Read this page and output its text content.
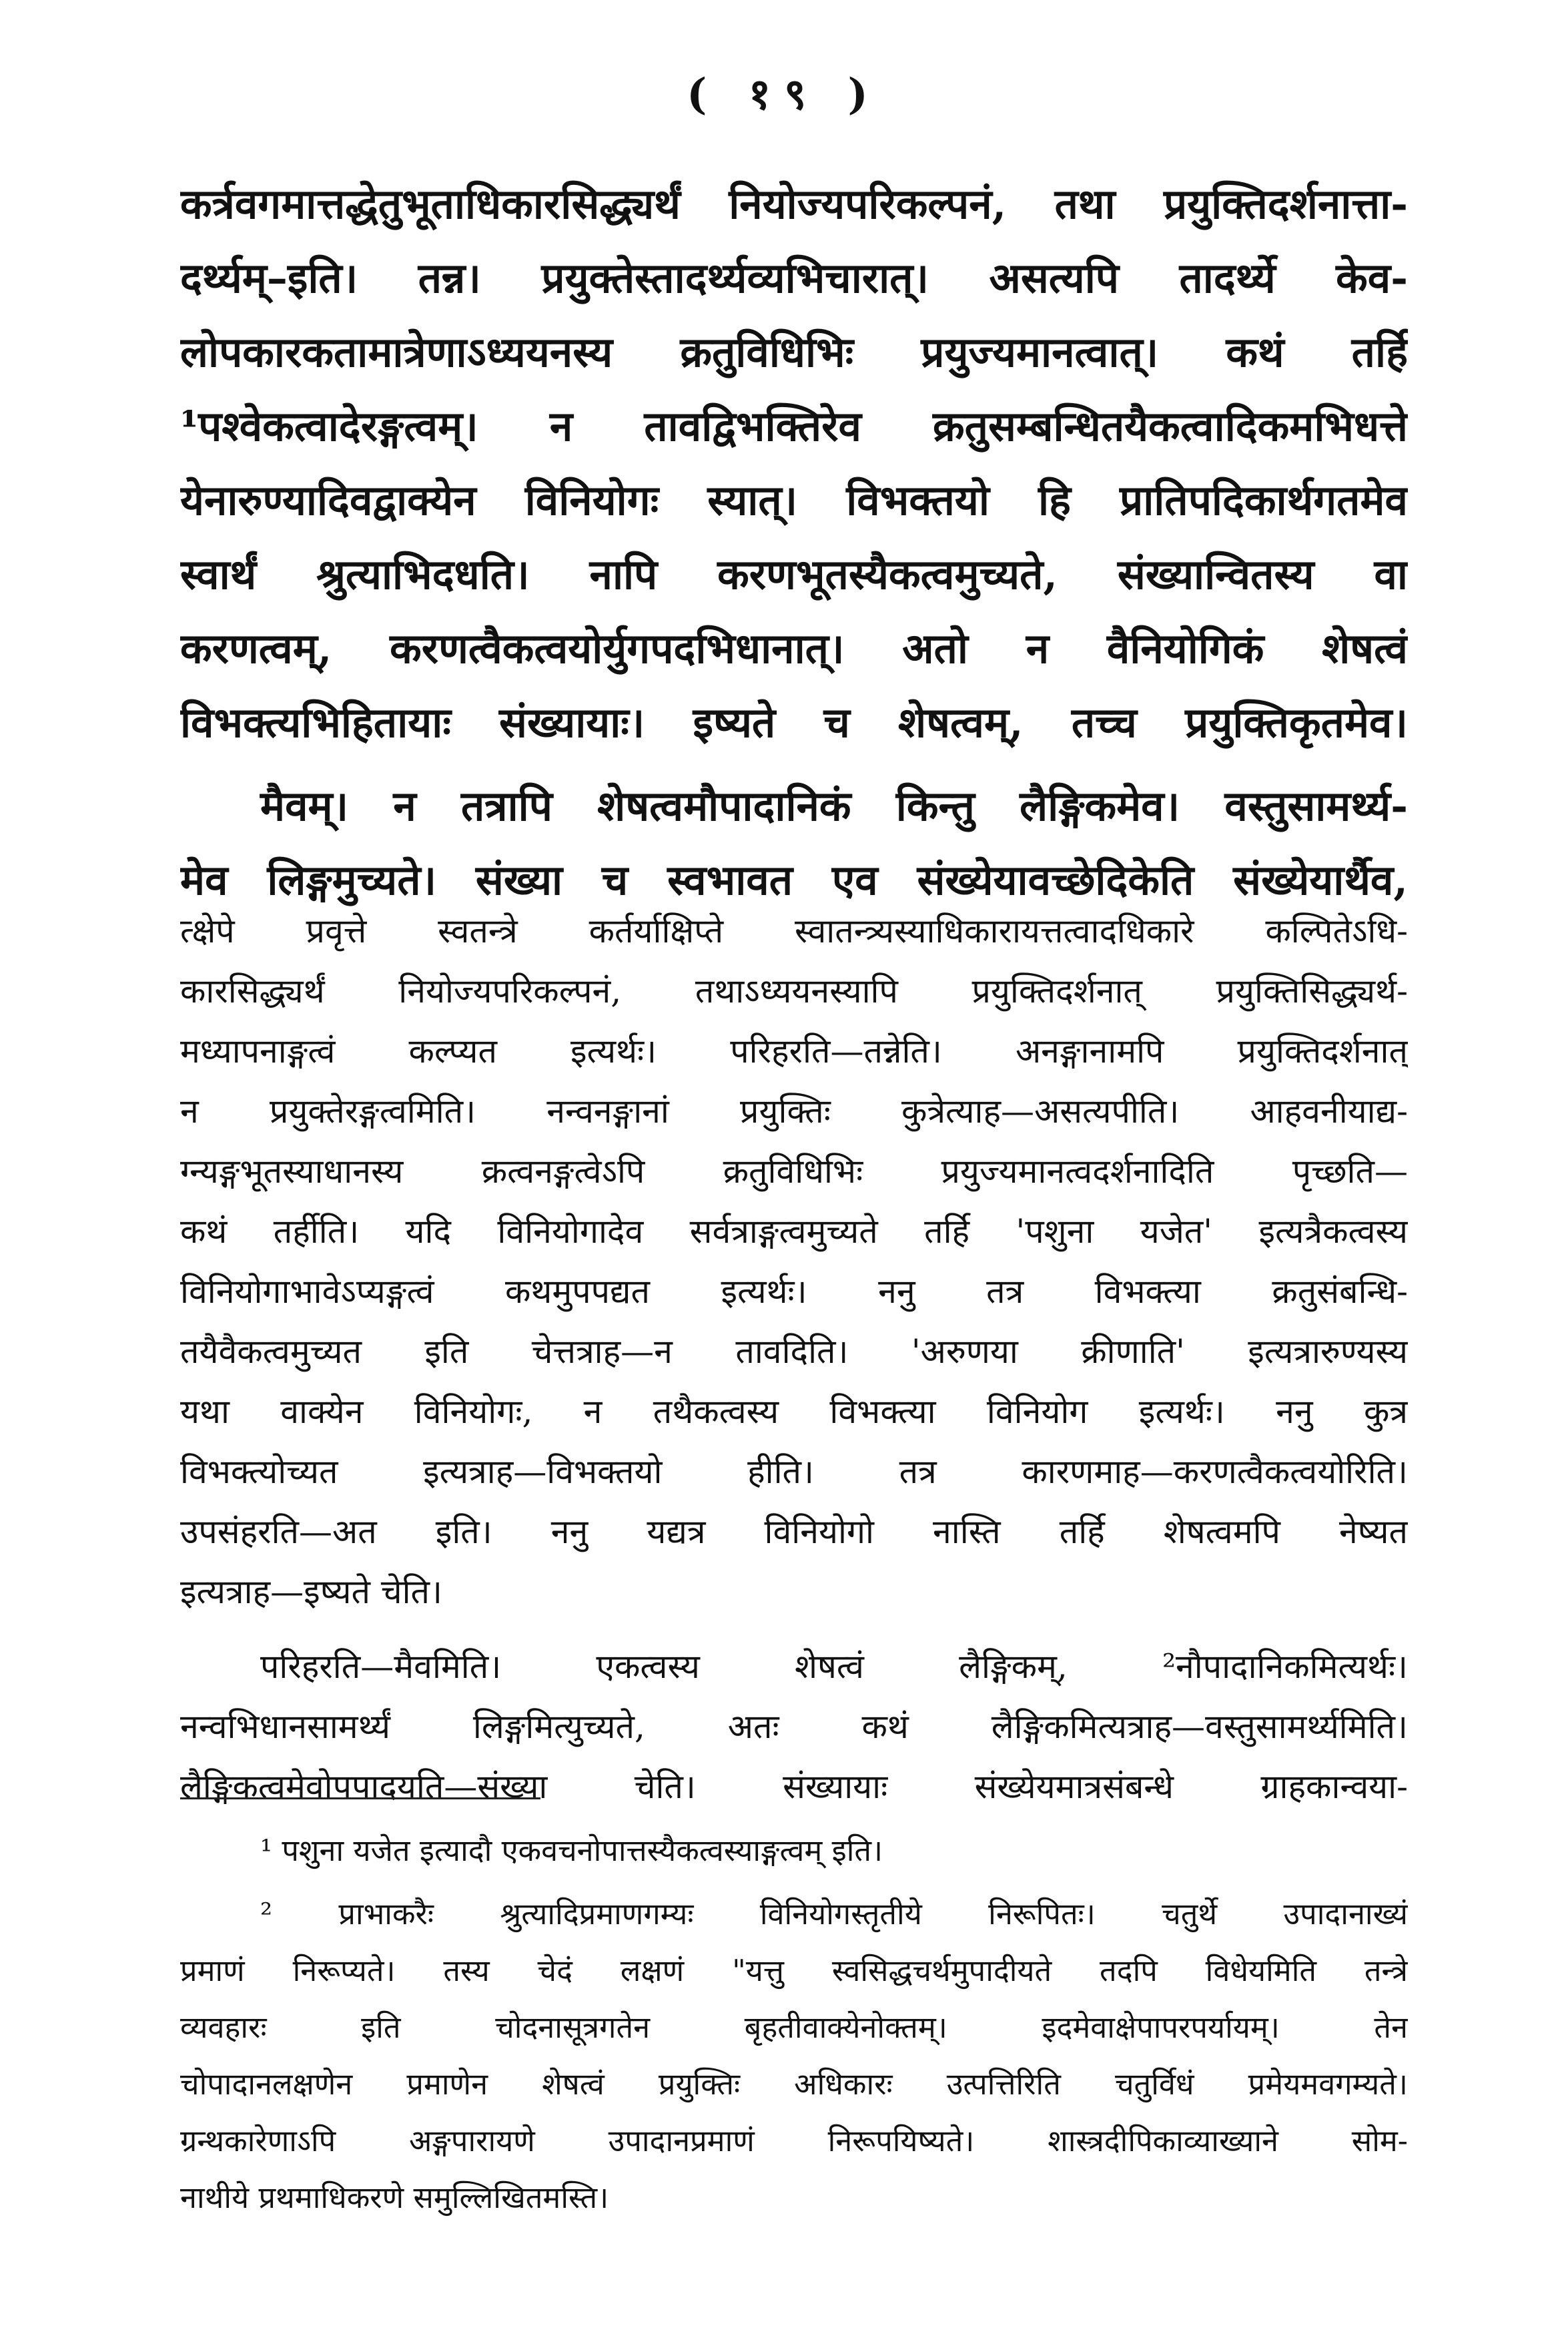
( १९ )
कर्त्रवगमात्तद्धेतुभूताधिकारसिद्ध्यर्थं नियोज्यपरिकल्पनं, तथा प्रयुक्तिदर्शनात्ता-
दर्थ्यम्–इति। तन्न। प्रयुक्तेस्तादर्थ्यव्यभिचारात्। असत्यपि तादर्थ्ये केव-
लोपकारकतामात्रेणाऽध्ययनस्य क्रतुविधिभिः प्रयुज्यमानत्वात्। कथं तर्हि
¹पश्वेकत्वादेरङ्गत्वम्। न तावद्विभक्तिरेव क्रतुसम्बन्धितयैकत्वादिकमभिधत्ते
येनारुण्यादिवद्वाक्येन विनियोगः स्यात्। विभक्तयो हि प्रातिपदिकार्थगतमेव
स्वार्थं श्रुत्याभिदधति। नापि करणभूतस्यैकत्वमुच्यते, संख्यान्वितस्य वा
करणत्वम्, करणत्वैकत्वयोर्युगपदभिधानात्। अतो न वैनियोगिकं शेषत्वं
विभक्त्यभिहितायाः संख्यायाः। इष्यते च शेषत्वम्, तच्च प्रयुक्तिकृतमेव।
मैवम्। न तत्रापि शेषत्वमौपादानिकं किन्तु लैङ्गिकमेव। वस्तुसामर्थ्य-
मेव लिङ्गमुच्यते। संख्या च स्वभावत एव संख्येयावच्छेदिकेति संख्येयार्थैव,
त्क्षेपे प्रवृत्ते स्वतन्त्रे कर्तर्याक्षिप्ते स्वातन्त्र्यस्याधिकारायत्तत्वादधिकारे कल्पितेऽधि-
कारसिद्ध्यर्थं नियोज्यपरिकल्पनं, तथाऽध्ययनस्यापि प्रयुक्तिदर्शनात् प्रयुक्तिसिद्ध्यर्थ-
मध्यापनाङ्गत्वं कल्प्यत इत्यर्थः। परिहरति—तन्नेति। अनङ्गानामपि प्रयुक्तिदर्शनात्
न प्रयुक्तेरङ्गत्वमिति। नन्वनङ्गानां प्रयुक्तिः कुत्रेत्याह—असत्यपीति। आहवनीयाद्य-
ग्न्यङ्गभूतस्याधानस्य क्रत्वनङ्गत्वेऽपि क्रतुविधिभिः प्रयुज्यमानत्वदर्शनादिति पृच्छति—
कथं तर्हीति। यदि विनियोगादेव सर्वत्राङ्गत्वमुच्यते तर्हि 'पशुना यजेत' इत्यत्रैकत्वस्य
विनियोगाभावेऽप्यङ्गत्वं कथमुपपद्यत इत्यर्थः। ननु तत्र विभक्त्या क्रतुसंबन्धि-
तयैवैकत्वमुच्यत इति चेत्तत्राह—न तावदिति। 'अरुणया क्रीणाति' इत्यत्रारुण्यस्य
यथा वाक्येन विनियोगः, न तथैकत्वस्य विभक्त्या विनियोग इत्यर्थः। ननु कुत्र
विभक्त्योच्यत इत्यत्राह—विभक्तयो हीति। तत्र कारणमाह—करणत्वैकत्वयोरिति।
उपसंहरति—अत इति। ननु यद्यत्र विनियोगो नास्ति तर्हि शेषत्वमपि नेष्यत
इत्यत्राह—इष्यते चेति।
परिहरति—मैवमिति। एकत्वस्य शेषत्वं लैङ्गिकम्, ²नौपादानिकमित्यर्थः।
नन्वभिधानसामर्थ्यं लिङ्गमित्युच्यते, अतः कथं लैङ्गिकमित्यत्राह—वस्तुसामर्थ्यमिति।
लैङ्गिकत्वमेवोपपादयति—संख्या चेति। संख्यायाः संख्येयमात्रसंबन्धे ग्राहकान्वया-
¹ पशुना यजेत इत्यादौ एकवचनोपात्तस्यैकत्वस्याङ्गत्वम् इति।
² प्राभाकरैः श्रुत्यादिप्रमाणगम्यः विनियोगस्तृतीये निरूपितः। चतुर्थे उपादानाख्यं
प्रमाणं निरूप्यते। तस्य चेदं लक्षणं "यत्तु स्वसिद्धचर्थमुपादीयते तदपि विधेयमिति तन्त्रे
व्यवहारः इति चोदनासूत्रगतेन बृहतीवाक्येनोक्तम्। इदमेवाक्षेपापरपर्यायम्। तेन
चोपादानलक्षणेन प्रमाणेन शेषत्वं प्रयुक्तिः अधिकारः उत्पत्तिरिति चतुर्विधं प्रमेयमवगम्यते।
ग्रन्थकारेणाऽपि अङ्गपारायणे उपादानप्रमाणं निरूपयिष्यते। शास्त्रदीपिकाव्याख्याने सोम-
नाथीये प्रथमाधिकरणे समुल्लिखितमस्ति।
